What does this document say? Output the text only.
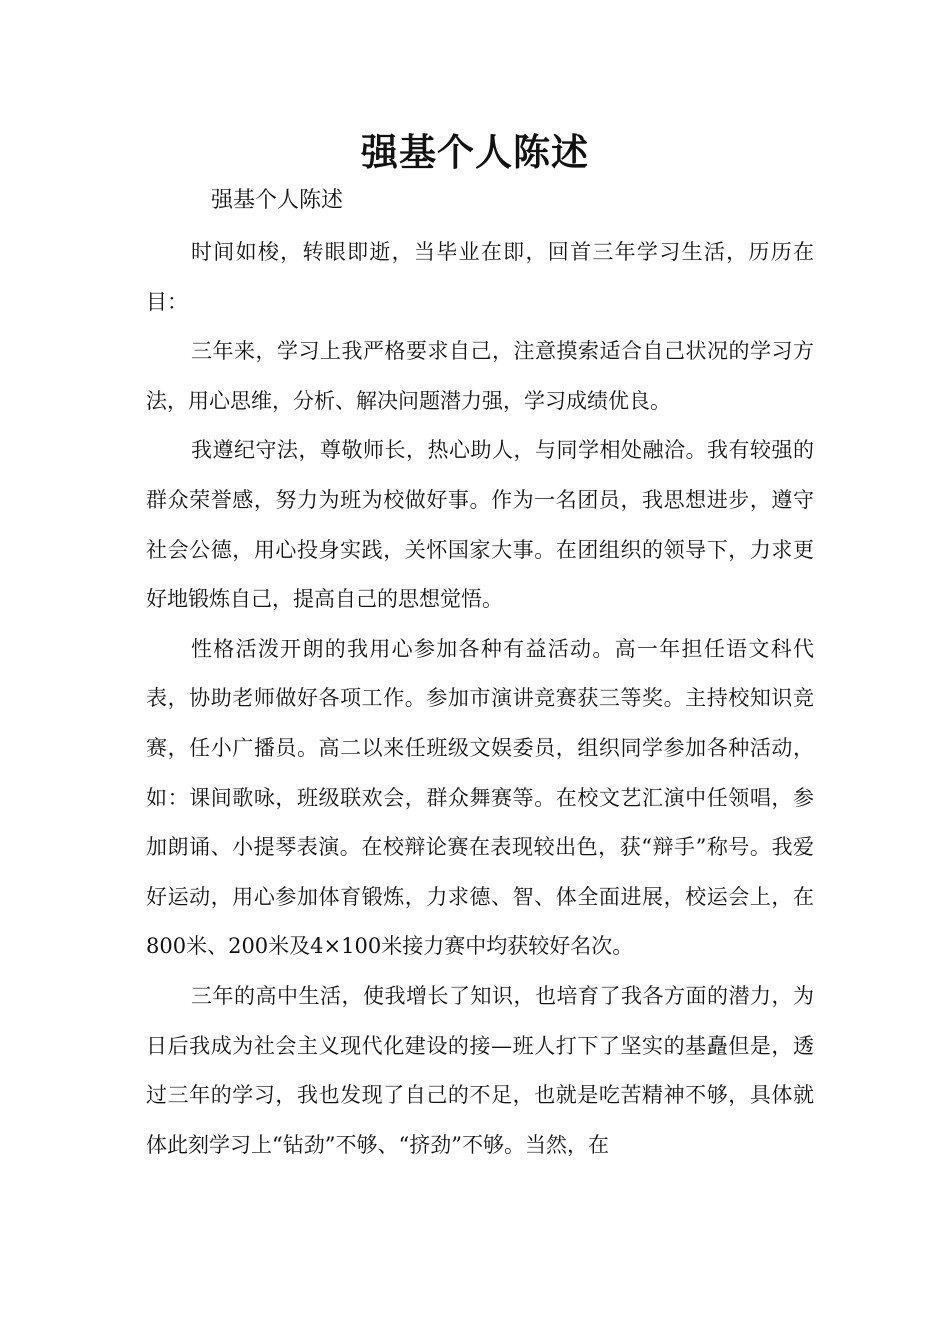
强基个人陈述
强基个人陈述

时间如梭，转眼即逝，当毕业在即，回首三年学习生活，历历在目：

三年来，学习上我严格要求自己，注意摸索适合自己状况的学习方法，用心思维，分析、解决问题潜力强，学习成绩优良。

我遵纪守法，尊敬师长，热心助人，与同学相处融洽。我有较强的群众荣誉感，努力为班为校做好事。作为一名团员，我思想进步，遵守社会公德，用心投身实践，关怀国家大事。在团组织的领导下，力求更好地锻炼自己，提高自己的思想觉悟。

性格活泼开朗的我用心参加各种有益活动。高一年担任语文科代表，协助老师做好各项工作。参加市演讲竞赛获三等奖。主持校知识竞赛，任小广播员。高二以来任班级文娱委员，组织同学参加各种活动，如：课间歌咏，班级联欢会，群众舞赛等。在校文艺汇演中任领唱，参加朗诵、小提琴表演。在校辩论赛在表现较出色，获“辩手”称号。我爱好运动，用心参加体育锻炼，力求德、智、体全面进展，校运会上，在800米、200米及4×100米接力赛中均获较好名次。

三年的高中生活，使我增长了知识，也培育了我各方面的潜力，为日后我成为社会主义现代化建设的接—班人打下了坚实的基矗但是，透过三年的学习，我也发现了自己的不足，也就是吃苦精神不够，具体就体此刻学习上“钻劲”不够、“挤劲”不够。当然，在
